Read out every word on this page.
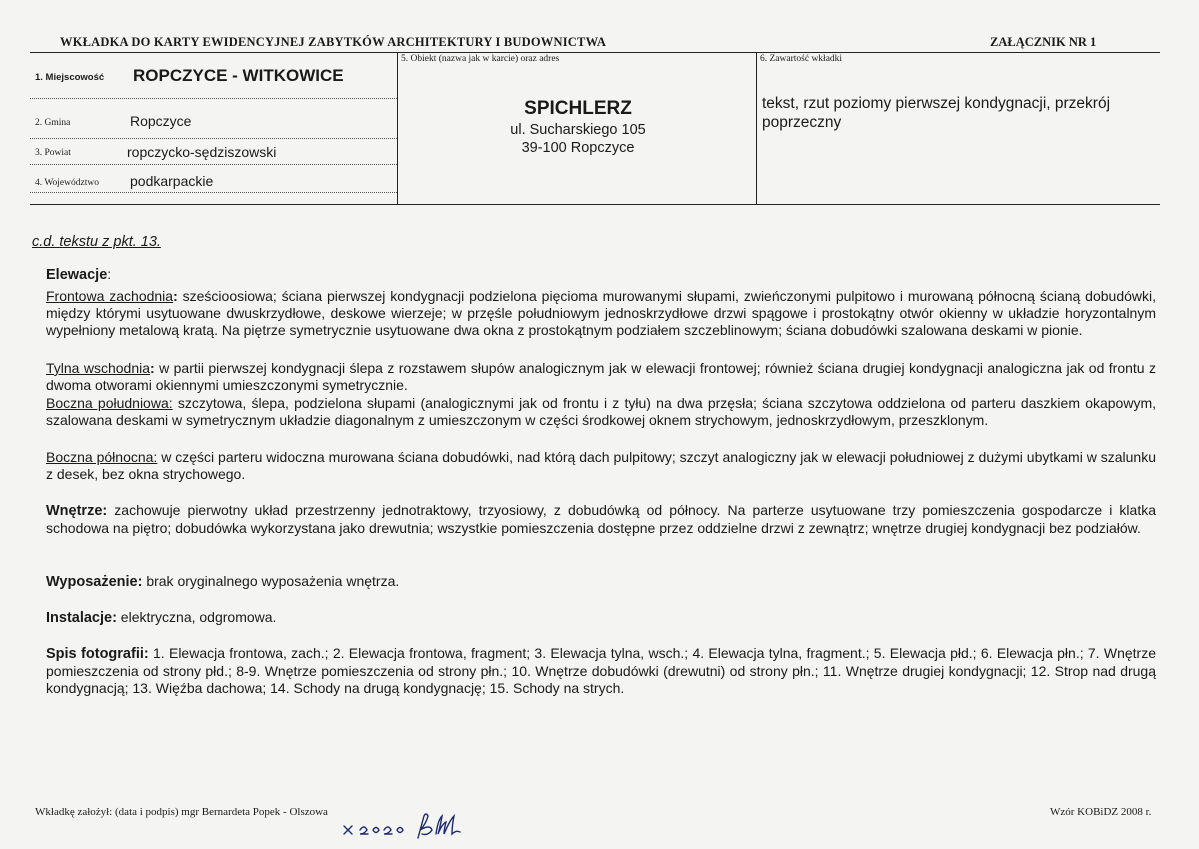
WKŁADKA DO KARTY EWIDENCYJNEJ ZABYTKÓW ARCHITEKTURY I BUDOWNICTWA	ZAŁĄCZNIK NR 1
1. Miejscowość ROPCZYCE - WITKOWICE
2. Gmina	Ropczyce
3. Powiat	ropczycko-sędziszowski
4. Województwo podkarpackie
5. Obiekt (nazwa jak w karcie) oraz adres
SPICHLERZ
ul. Sucharskiego 105
39-100 Ropczyce
6. Zawartość wkładki
tekst, rzut poziomy pierwszej kondygnacji, przekrój poprzeczny
c.d. tekstu z pkt. 13.
Elewacje:
Frontowa zachodnia: sześcioosiowa; ściana pierwszej kondygnacji podzielona pięcioma murowanymi słupami, zwieńczonymi pulpitowo i murowaną północną ścianą dobudówki, między którymi usytuowane dwuskrzydłowe, deskowe wierzeje; w przęśle południowym jednoskrzydłowe drzwi spągowe i prostokątny otwór okienny w układzie horyzontalnym wypełniony metalową kratą. Na piętrze symetrycznie usytuowane dwa okna z prostokątnym podziałem szczeblinowym; ściana dobudówki szalowana deskami w pionie.
Tylna wschodnia: w partii pierwszej kondygnacji ślepa z rozstawem słupów analogicznym jak w elewacji frontowej; również ściana drugiej kondygnacji analogiczna jak od frontu z dwoma otworami okiennymi umieszczonymi symetrycznie.
Boczna południowa: szczytowa, ślepa, podzielona słupami (analogicznymi jak od frontu i z tyłu) na dwa przęsła; ściana szczytowa oddzielona od parteru daszkiem okapowym, szalowana deskami w symetrycznym układzie diagonalnym z umieszczonym w części środkowej oknem strychowym, jednoskrzydłowym, przeszklonym.
Boczna północna: w części parteru widoczna murowana ściana dobudówki, nad którą dach pulpitowy; szczyt analogiczny jak w elewacji południowej z dużymi ubytkami w szalunku z desek, bez okna strychowego.
Wnętrze: zachowuje pierwotny układ przestrzenny jednotraktowy, trzyosiowy, z dobudówką od północy. Na parterze usytuowane trzy pomieszczenia gospodarcze i klatka schodowa na piętro; dobudówka wykorzystana jako drewutnia; wszystkie pomieszczenia dostępne przez oddzielne drzwi z zewnątrz; wnętrze drugiej kondygnacji bez podziałów.
Wyposażenie: brak oryginalnego wyposażenia wnętrza.
Instalacje: elektryczna, odgromowa.
Spis fotografii: 1. Elewacja frontowa, zach.; 2. Elewacja frontowa, fragment; 3. Elewacja tylna, wsch.; 4. Elewacja tylna, fragment.; 5. Elewacja płd.; 6. Elewacja płn.; 7. Wnętrze pomieszczenia od strony płd.; 8-9. Wnętrze pomieszczenia od strony płn.; 10. Wnętrze dobudówki (drewutni) od strony płn.; 11. Wnętrze drugiej kondygnacji; 12. Strop nad drugą kondygnacją; 13. Więźba dachowa; 14. Schody na drugą kondygnację; 15. Schody na strych.
Wkładkę założył: (data i podpis) mgr Bernardeta Popek - Olszowa	Wzór KOBiDZ 2008 r.
